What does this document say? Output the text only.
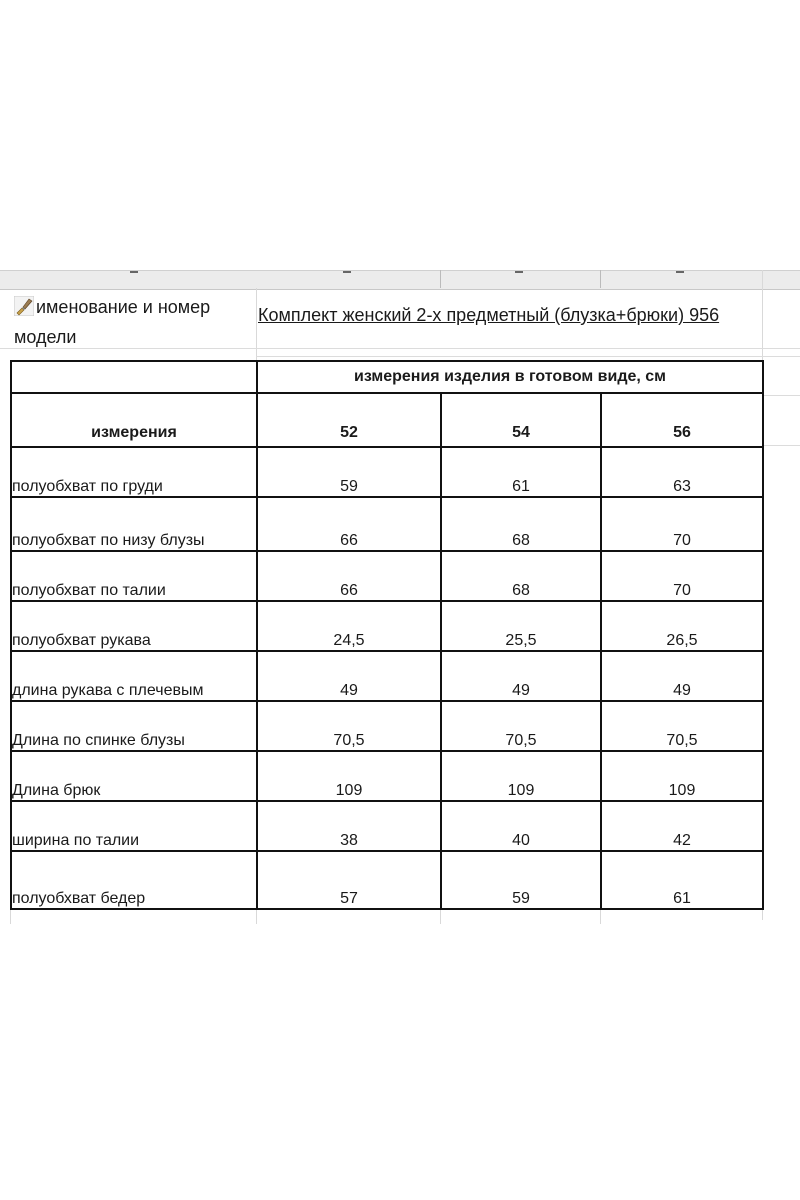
именование и номер
модели
Комплект женский 2-х предметный (блузка+брюки) 956
	измерения изделия в готовом виде, см		
измерения	52	54	56
полуобхват по груди	59	61	63
полуобхват по низу блузы	66	68	70
полуобхват по талии	66	68	70
полуобхват рукава	24,5	25,5	26,5
длина рукава с плечевым	49	49	49
Длина по спинке блузы	70,5	70,5	70,5
Длина брюк	109	109	109
ширина по талии	38	40	42
полуобхват бедер	57	59	61
